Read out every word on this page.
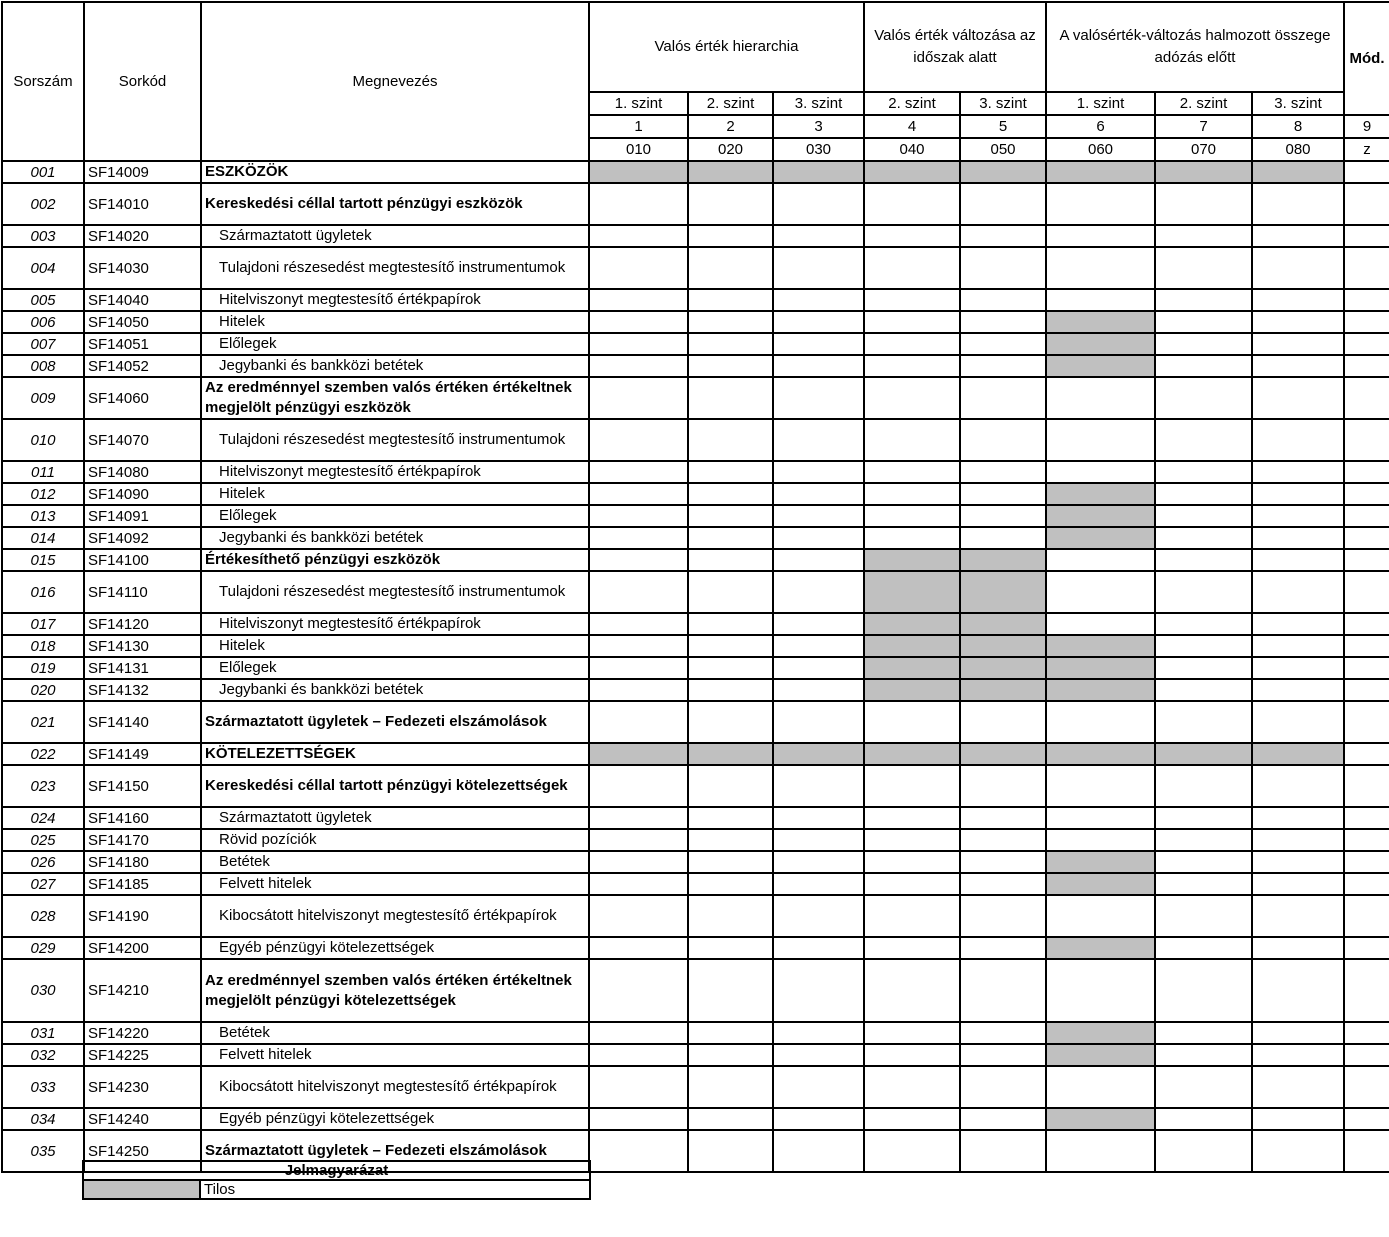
Sorszám	Sorkód	Megnevezés	Valós érték hierarchia			Valós érték változása az időszak alatt		A valósérték-változás halmozott összege adózás előtt			Mód.
			1. szint	2. szint	3. szint	2. szint	3. szint	1. szint	2. szint	3. szint	
			1	2	3	4	5	6	7	8	9
			010	020	030	040	050	060	070	080	z
001	SF14009	ESZKÖZÖK									
002	SF14010	Kereskedési céllal tartott pénzügyi eszközök									
003	SF14020	Származtatott ügyletek									
004	SF14030	Tulajdoni részesedést megtestesítő instrumentumok									
005	SF14040	Hitelviszonyt megtestesítő értékpapírok									
006	SF14050	Hitelek									
007	SF14051	Előlegek									
008	SF14052	Jegybanki és bankközi betétek									
009	SF14060	Az eredménnyel szemben valós értéken értékeltnek megjelölt pénzügyi eszközök									
010	SF14070	Tulajdoni részesedést megtestesítő instrumentumok									
011	SF14080	Hitelviszonyt megtestesítő értékpapírok									
012	SF14090	Hitelek									
013	SF14091	Előlegek									
014	SF14092	Jegybanki és bankközi betétek									
015	SF14100	Értékesíthető pénzügyi eszközök									
016	SF14110	Tulajdoni részesedést megtestesítő instrumentumok									
017	SF14120	Hitelviszonyt megtestesítő értékpapírok									
018	SF14130	Hitelek									
019	SF14131	Előlegek									
020	SF14132	Jegybanki és bankközi betétek									
021	SF14140	Származtatott ügyletek – Fedezeti elszámolások									
022	SF14149	KÖTELEZETTSÉGEK									
023	SF14150	Kereskedési céllal tartott pénzügyi kötelezettségek									
024	SF14160	Származtatott ügyletek									
025	SF14170	Rövid pozíciók									
026	SF14180	Betétek									
027	SF14185	Felvett hitelek									
028	SF14190	Kibocsátott hitelviszonyt megtestesítő értékpapírok									
029	SF14200	Egyéb pénzügyi kötelezettségek									
030	SF14210	Az eredménnyel szemben valós értéken értékeltnek megjelölt pénzügyi kötelezettségek									
031	SF14220	Betétek									
032	SF14225	Felvett hitelek									
033	SF14230	Kibocsátott hitelviszonyt megtestesítő értékpapírok									
034	SF14240	Egyéb pénzügyi kötelezettségek									
035	SF14250	Származtatott ügyletek – Fedezeti elszámolások									
Jelmagyarázat
	Tilos
